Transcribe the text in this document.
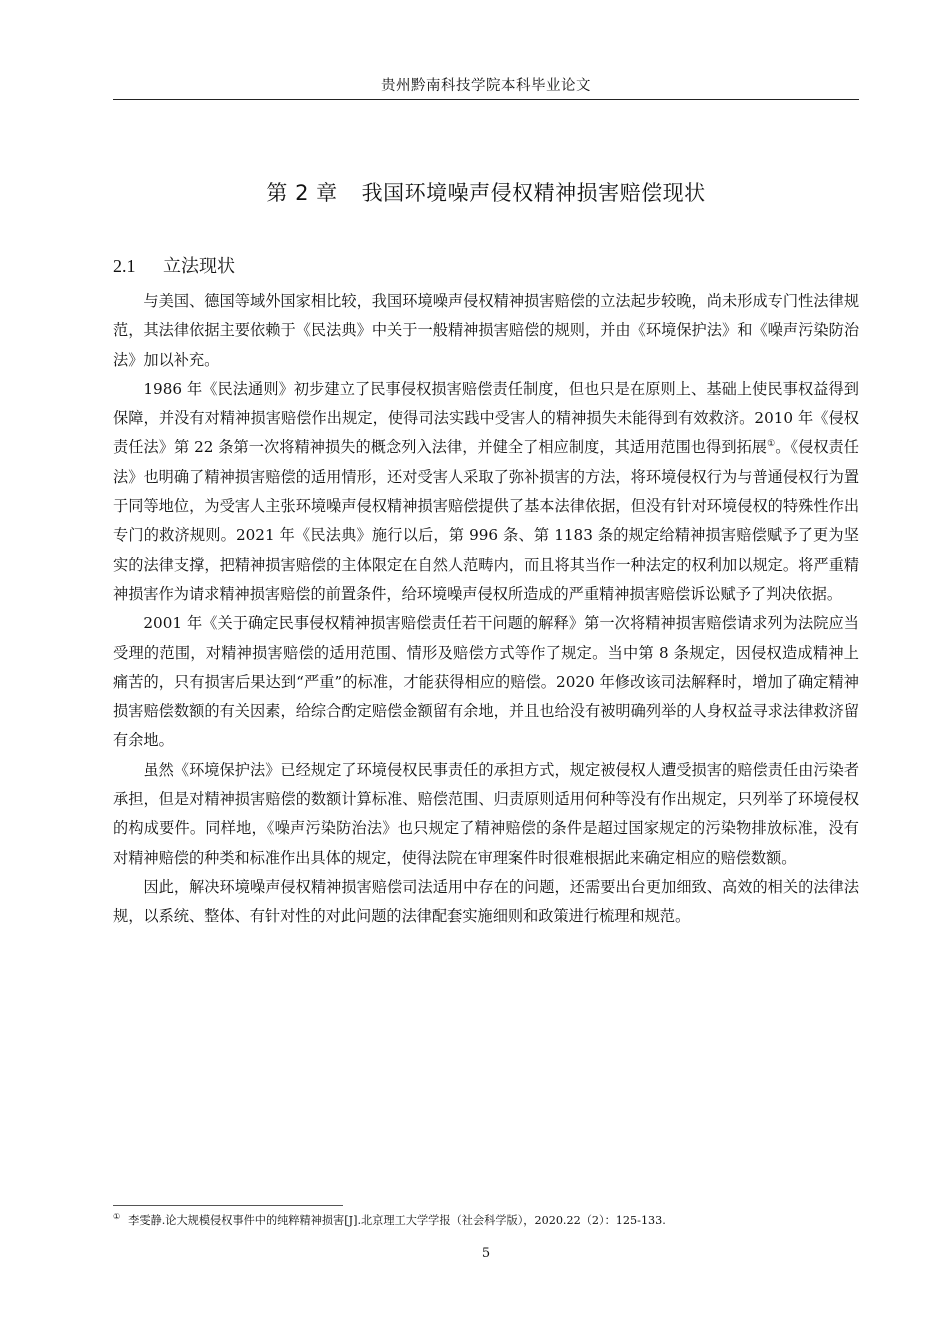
贵州黔南科技学院本科毕业论文
第 2 章 我国环境噪声侵权精神损害赔偿现状
2.1 立法现状

与美国、德国等域外国家相比较，我国环境噪声侵权精神损害赔偿的立法起步较晚，尚未形成专门性法律规范，其法律依据主要依赖于《民法典》中关于一般精神损害赔偿的规则，并由《环境保护法》和《噪声污染防治法》加以补充。

1986 年《民法通则》初步建立了民事侵权损害赔偿责任制度，但也只是在原则上、基础上使民事权益得到保障，并没有对精神损害赔偿作出规定，使得司法实践中受害人的精神损失未能得到有效救济。2010 年《侵权责任法》第 22 条第一次将精神损失的概念列入法律，并健全了相应制度，其适用范围也得到拓展①。《侵权责任法》也明确了精神损害赔偿的适用情形，还对受害人采取了弥补损害的方法，将环境侵权行为与普通侵权行为置于同等地位，为受害人主张环境噪声侵权精神损害赔偿提供了基本法律依据，但没有针对环境侵权的特殊性作出专门的救济规则。2021 年《民法典》施行以后，第 996 条、第 1183 条的规定给精神损害赔偿赋予了更为坚实的法律支撑，把精神损害赔偿的主体限定在自然人范畴内，而且将其当作一种法定的权利加以规定。将严重精神损害作为请求精神损害赔偿的前置条件，给环境噪声侵权所造成的严重精神损害赔偿诉讼赋予了判决依据。

2001 年《关于确定民事侵权精神损害赔偿责任若干问题的解释》第一次将精神损害赔偿请求列为法院应当受理的范围，对精神损害赔偿的适用范围、情形及赔偿方式等作了规定。当中第 8 条规定，因侵权造成精神上痛苦的，只有损害后果达到“严重”的标准，才能获得相应的赔偿。2020 年修改该司法解释时，增加了确定精神损害赔偿数额的有关因素，给综合酌定赔偿金额留有余地，并且也给没有被明确列举的人身权益寻求法律救济留有余地。

虽然《环境保护法》已经规定了环境侵权民事责任的承担方式，规定被侵权人遭受损害的赔偿责任由污染者承担，但是对精神损害赔偿的数额计算标准、赔偿范围、归责原则适用何种等没有作出规定，只列举了环境侵权的构成要件。同样地，《噪声污染防治法》也只规定了精神赔偿的条件是超过国家规定的污染物排放标准，没有对精神赔偿的种类和标准作出具体的规定，使得法院在审理案件时很难根据此来确定相应的赔偿数额。

因此，解决环境噪声侵权精神损害赔偿司法适用中存在的问题，还需要出台更加细致、高效的相关的法律法规，以系统、整体、有针对性的对此问题的法律配套实施细则和政策进行梳理和规范。

① 李雯静.论大规模侵权事件中的纯粹精神损害[J].北京理工大学学报（社会科学版），2020.22（2）：125-133.
5
